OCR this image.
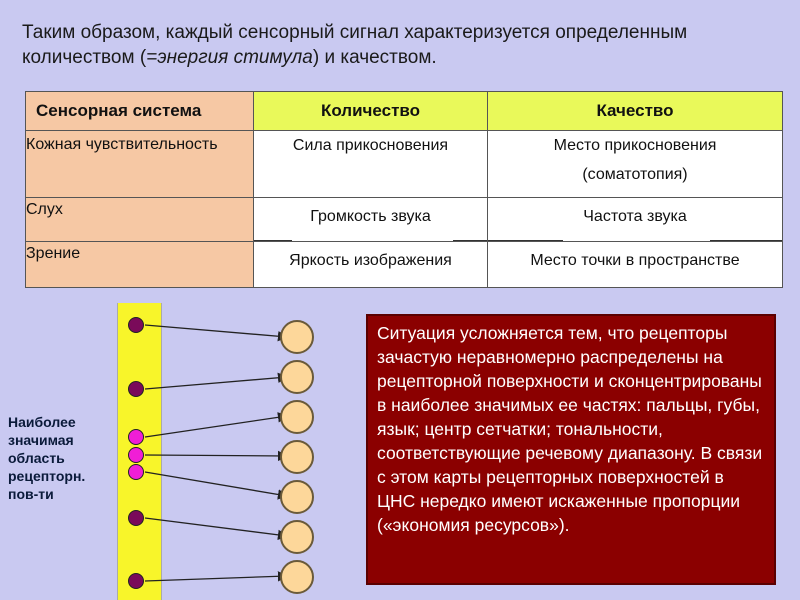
Таким образом, каждый сенсорный сигнал характеризуется определенным количеством (=энергия стимула) и качеством.
Сенсорная система	Количество	Качество
Кожная чувствительность	Сила прикосновения	Место прикосновения (соматотопия)
Слух	Громкость звука	Частота звука

Зрение	Яркость изображения	Место точки в пространстве
Наиболее значимая область рецепторн. пов-ти
Ситуация усложняется тем, что рецепторы зачастую неравномерно распределены на рецепторной поверхности и сконцентрированы в наиболее значимых ее частях: пальцы, губы, язык; центр сетчатки; тональности, соответствующие речевому диапазону. В связи с этом карты рецепторных поверхностей в ЦНС нередко имеют искаженные пропорции («экономия ресурсов»).
